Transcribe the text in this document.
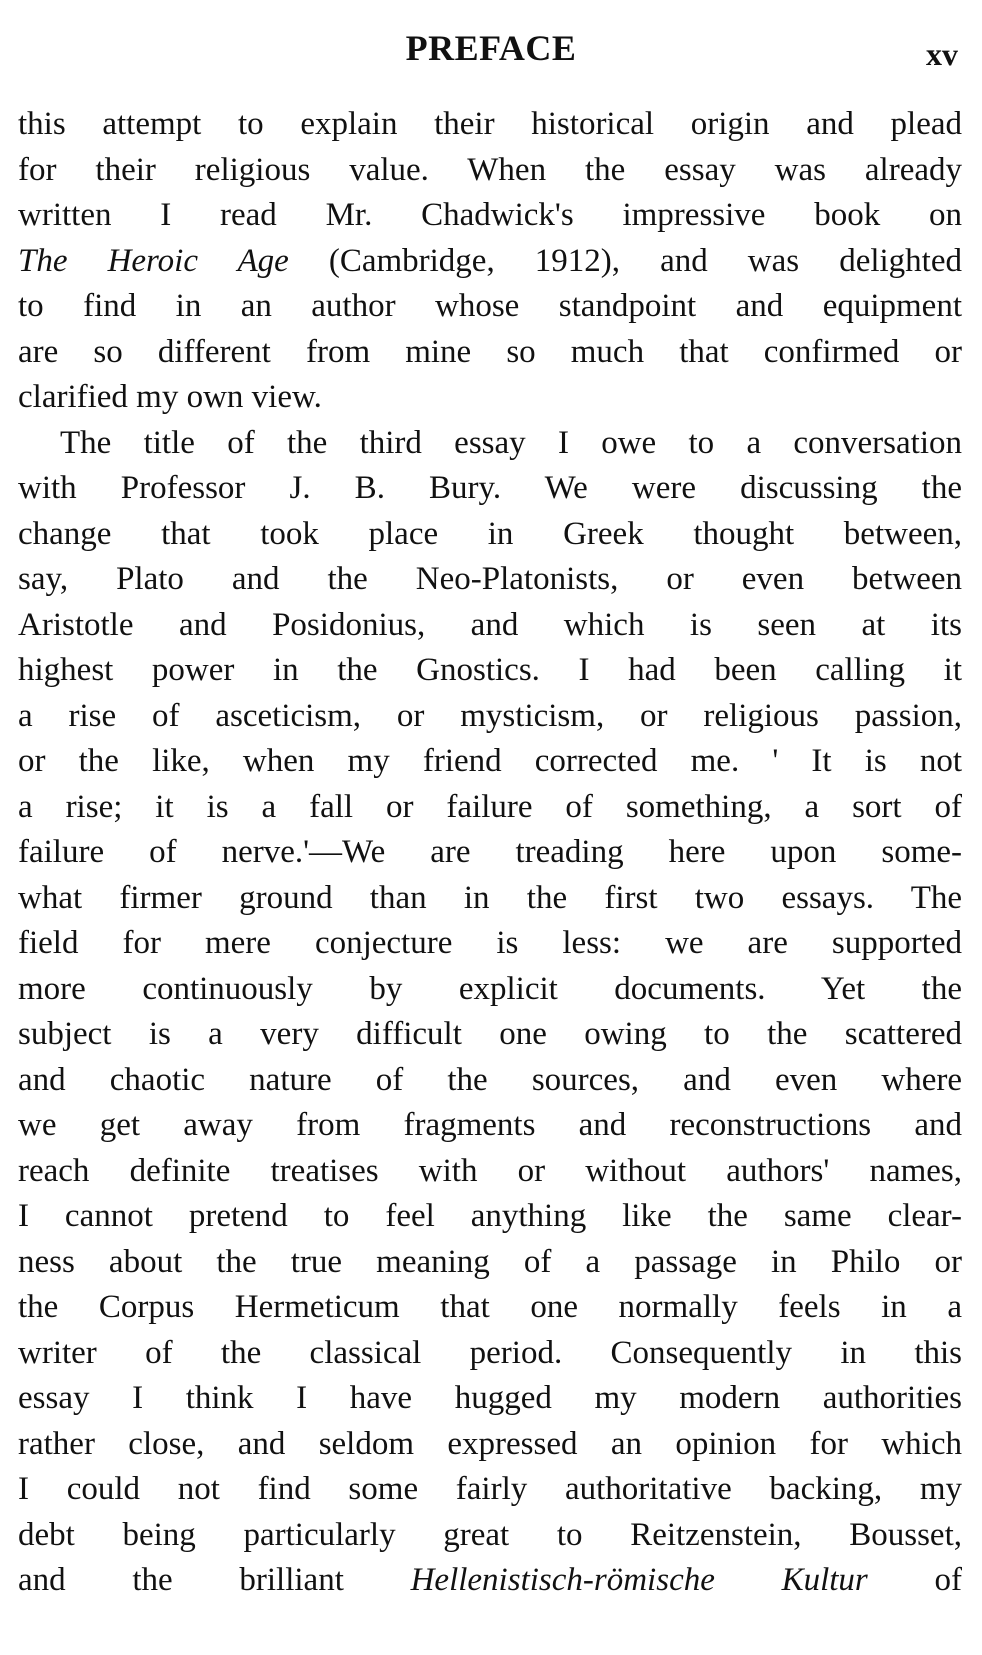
PREFACE	xv
this attempt to explain their historical origin and plead
for their religious value. When the essay was already
written I read Mr. Chadwick's impressive book on
The Heroic Age (Cambridge, 1912), and was delighted
to find in an author whose standpoint and equipment
are so different from mine so much that confirmed or
clarified my own view.
The title of the third essay I owe to a conversation
with Professor J. B. Bury. We were discussing the
change that took place in Greek thought between,
say, Plato and the Neo-Platonists, or even between
Aristotle and Posidonius, and which is seen at its
highest power in the Gnostics. I had been calling it
a rise of asceticism, or mysticism, or religious passion,
or the like, when my friend corrected me. ' It is not
a rise; it is a fall or failure of something, a sort of
failure of nerve.'—We are treading here upon some-
what firmer ground than in the first two essays. The
field for mere conjecture is less: we are supported
more continuously by explicit documents. Yet the
subject is a very difficult one owing to the scattered
and chaotic nature of the sources, and even where
we get away from fragments and reconstructions and
reach definite treatises with or without authors' names,
I cannot pretend to feel anything like the same clear-
ness about the true meaning of a passage in Philo or
the Corpus Hermeticum that one normally feels in a
writer of the classical period. Consequently in this
essay I think I have hugged my modern authorities
rather close, and seldom expressed an opinion for which
I could not find some fairly authoritative backing, my
debt being particularly great to Reitzenstein, Bousset,
and the brilliant Hellenistisch-römische Kultur of
